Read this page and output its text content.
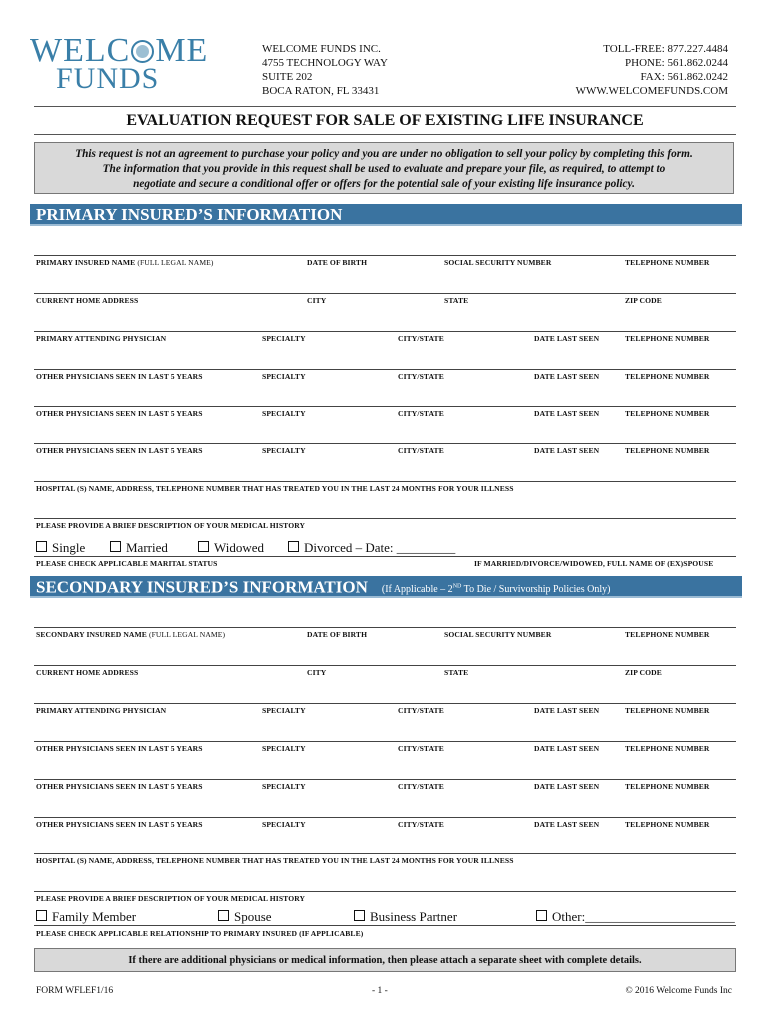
WELC ME
FUNDS
WELCOME FUNDS INC.
4755 TECHNOLOGY WAY
SUITE 202
BOCA RATON, FL 33431
TOLL-FREE: 877.227.4484
PHONE: 561.862.0244
FAX: 561.862.0242
WWW.WELCOMEFUNDS.COM
EVALUATION REQUEST FOR SALE OF EXISTING LIFE INSURANCE
This request is not an agreement to purchase your policy and you are under no obligation to sell your policy by completing this form.
The information that you provide in this request shall be used to evaluate and prepare your file, as required, to attempt to
negotiate and secure a conditional offer or offers for the potential sale of your existing life insurance policy.
PRIMARY INSURED’S INFORMATION
PRIMARY INSURED NAME (FULL LEGAL NAME)	DATE OF BIRTH	SOCIAL SECURITY NUMBER	TELEPHONE NUMBER
CURRENT HOME ADDRESS	CITY	STATE	ZIP CODE
PRIMARY ATTENDING PHYSICIAN	SPECIALTY	CITY/STATE	DATE LAST SEEN	TELEPHONE NUMBER
OTHER PHYSICIANS SEEN IN LAST 5 YEARS	SPECIALTY	CITY/STATE	DATE LAST SEEN	TELEPHONE NUMBER
OTHER PHYSICIANS SEEN IN LAST 5 YEARS	SPECIALTY	CITY/STATE	DATE LAST SEEN	TELEPHONE NUMBER
OTHER PHYSICIANS SEEN IN LAST 5 YEARS	SPECIALTY	CITY/STATE	DATE LAST SEEN	TELEPHONE NUMBER
HOSPITAL (S) NAME, ADDRESS, TELEPHONE NUMBER THAT HAS TREATED YOU IN THE LAST 24 MONTHS FOR YOUR ILLNESS
PLEASE PROVIDE A BRIEF DESCRIPTION OF YOUR MEDICAL HISTORY
Single	Married	Widowed	Divorced – Date: _________
PLEASE CHECK APPLICABLE MARITAL STATUS	IF MARRIED/DIVORCE/WIDOWED, FULL NAME OF (EX)SPOUSE
SECONDARY INSURED’S INFORMATION (If Applicable – 2ND To Die / Survivorship Policies Only)
SECONDARY INSURED NAME (FULL LEGAL NAME)	DATE OF BIRTH	SOCIAL SECURITY NUMBER	TELEPHONE NUMBER
CURRENT HOME ADDRESS	CITY	STATE	ZIP CODE
PRIMARY ATTENDING PHYSICIAN	SPECIALTY	CITY/STATE	DATE LAST SEEN	TELEPHONE NUMBER
OTHER PHYSICIANS SEEN IN LAST 5 YEARS	SPECIALTY	CITY/STATE	DATE LAST SEEN	TELEPHONE NUMBER
OTHER PHYSICIANS SEEN IN LAST 5 YEARS	SPECIALTY	CITY/STATE	DATE LAST SEEN	TELEPHONE NUMBER
OTHER PHYSICIANS SEEN IN LAST 5 YEARS	SPECIALTY	CITY/STATE	DATE LAST SEEN	TELEPHONE NUMBER
HOSPITAL (S) NAME, ADDRESS, TELEPHONE NUMBER THAT HAS TREATED YOU IN THE LAST 24 MONTHS FOR YOUR ILLNESS
PLEASE PROVIDE A BRIEF DESCRIPTION OF YOUR MEDICAL HISTORY
Family Member	Spouse	Business Partner	Other:_______________________
PLEASE CHECK APPLICABLE RELATIONSHIP TO PRIMARY INSURED (IF APPLICABLE)
If there are additional physicians or medical information, then please attach a separate sheet with complete details.
FORM WFLEF1/16	- 1 -	© 2016 Welcome Funds Inc
